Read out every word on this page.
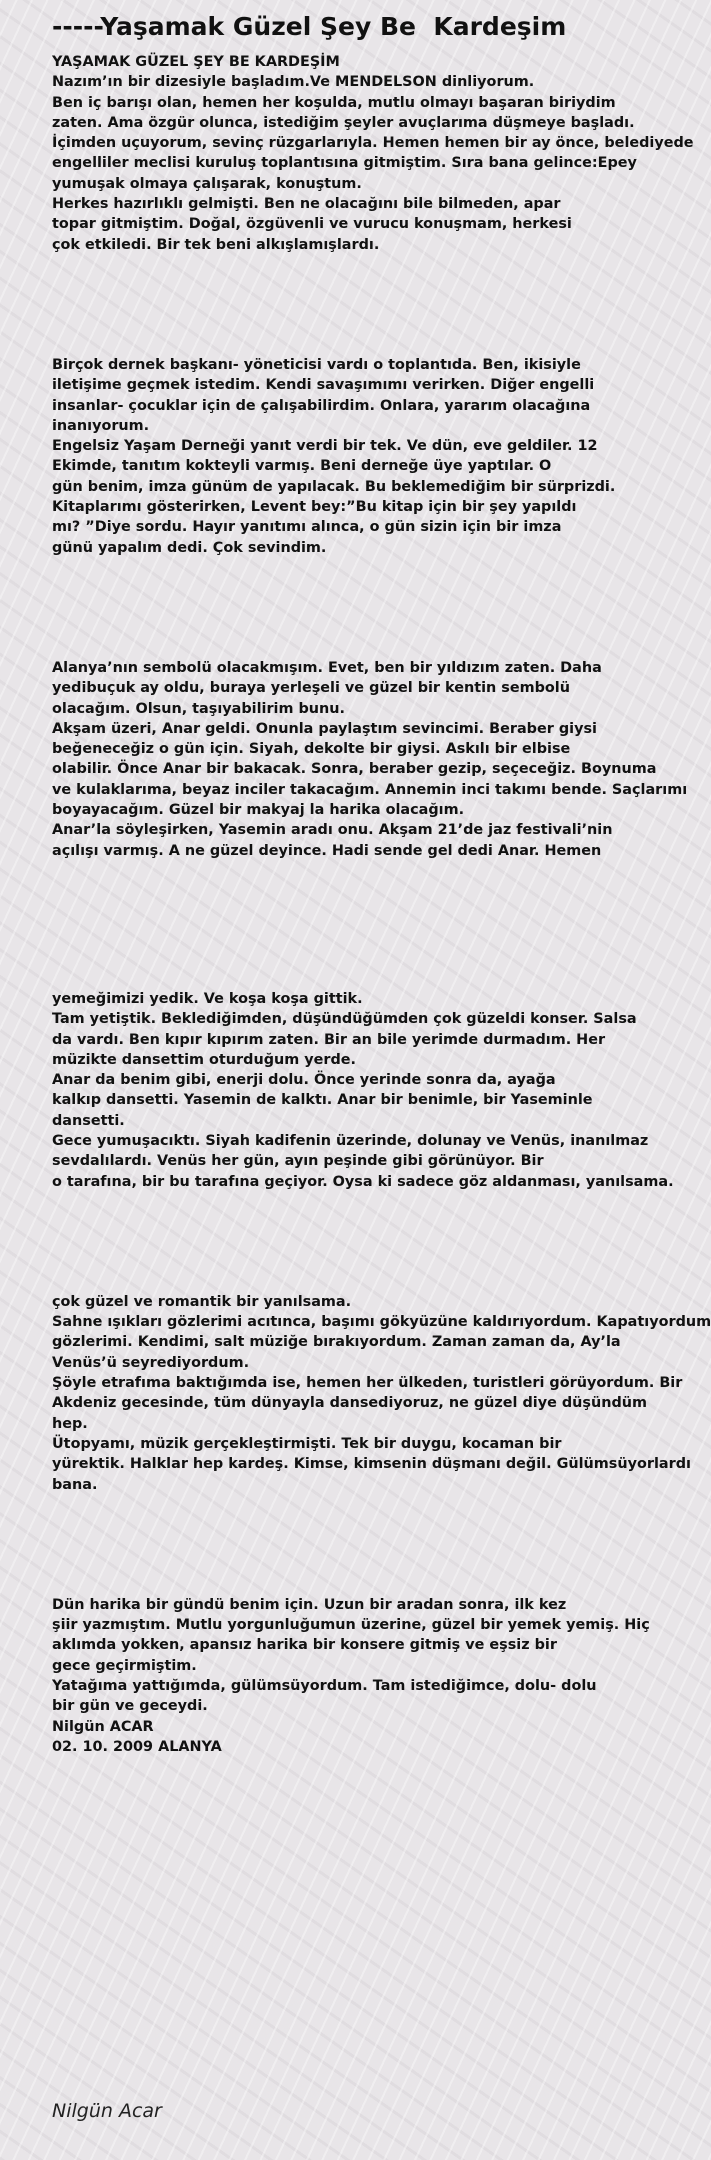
-----Yaşamak Güzel Şey Be  Kardeşim
YAŞAMAK GÜZEL ŞEY BE KARDEŞİM
Nazım’ın bir dizesiyle başladım.Ve MENDELSON dinliyorum.
Ben iç barışı olan, hemen her koşulda, mutlu olmayı başaran biriydim
zaten. Ama özgür olunca, istediğim şeyler avuçlarıma düşmeye başladı.
İçimden uçuyorum, sevinç rüzgarlarıyla. Hemen hemen bir ay önce, belediyede
engelliler meclisi kuruluş toplantısına gitmiştim. Sıra bana gelince:Epey
yumuşak olmaya çalışarak, konuştum.
Herkes hazırlıklı gelmişti. Ben ne olacağını bile bilmeden, apar
topar gitmiştim. Doğal, özgüvenli ve vurucu konuşmam, herkesi
çok etkiledi. Bir tek beni alkışlamışlardı.
Birçok dernek başkanı- yöneticisi vardı o toplantıda. Ben, ikisiyle
iletişime geçmek istedim. Kendi savaşımımı verirken. Diğer engelli
insanlar- çocuklar için de çalışabilirdim. Onlara, yararım olacağına
inanıyorum.
Engelsiz Yaşam Derneği yanıt verdi bir tek. Ve dün, eve geldiler. 12
Ekimde, tanıtım kokteyli varmış. Beni derneğe üye yaptılar. O
gün benim, imza günüm de yapılacak. Bu beklemediğim bir sürprizdi.
Kitaplarımı gösterirken, Levent bey:”Bu kitap için bir şey yapıldı
mı? ”Diye sordu. Hayır yanıtımı alınca, o gün sizin için bir imza
günü yapalım dedi. Çok sevindim.
Alanya’nın sembolü olacakmışım. Evet, ben bir yıldızım zaten. Daha
yedibuçuk ay oldu, buraya yerleşeli ve güzel bir kentin sembolü
olacağım. Olsun, taşıyabilirim bunu.
Akşam üzeri, Anar geldi. Onunla paylaştım sevincimi. Beraber giysi
beğeneceğiz o gün için. Siyah, dekolte bir giysi. Askılı bir elbise
olabilir. Önce Anar bir bakacak. Sonra, beraber gezip, seçeceğiz. Boynuma
ve kulaklarıma, beyaz inciler takacağım. Annemin inci takımı bende. Saçlarımı
boyayacağım. Güzel bir makyaj la harika olacağım.
Anar’la söyleşirken, Yasemin aradı onu. Akşam 21’de jaz festivali’nin
açılışı varmış. A ne güzel deyince. Hadi sende gel dedi Anar. Hemen
yemeğimizi yedik. Ve koşa koşa gittik.
Tam yetiştik. Beklediğimden, düşündüğümden çok güzeldi konser. Salsa
da vardı. Ben kıpır kıpırım zaten. Bir an bile yerimde durmadım. Her
müzikte dansettim oturduğum yerde.
Anar da benim gibi, enerji dolu. Önce yerinde sonra da, ayağa
kalkıp dansetti. Yasemin de kalktı. Anar bir benimle, bir Yaseminle
dansetti.
Gece yumuşacıktı. Siyah kadifenin üzerinde, dolunay ve Venüs, inanılmaz
sevdalılardı. Venüs her gün, ayın peşinde gibi görünüyor. Bir
o tarafına, bir bu tarafına geçiyor. Oysa ki sadece göz aldanması, yanılsama.
çok güzel ve romantik bir yanılsama.
Sahne ışıkları gözlerimi acıtınca, başımı gökyüzüne kaldırıyordum. Kapatıyordum
gözlerimi. Kendimi, salt müziğe bırakıyordum. Zaman zaman da, Ay’la
Venüs’ü seyrediyordum.
Şöyle etrafıma baktığımda ise, hemen her ülkeden, turistleri görüyordum. Bir
Akdeniz gecesinde, tüm dünyayla dansediyoruz, ne güzel diye düşündüm
hep.
Ütopyamı, müzik gerçekleştirmişti. Tek bir duygu, kocaman bir
yürektik. Halklar hep kardeş. Kimse, kimsenin düşmanı değil. Gülümsüyorlardı
bana.
Dün harika bir gündü benim için. Uzun bir aradan sonra, ilk kez
şiir yazmıştım. Mutlu yorgunluğumun üzerine, güzel bir yemek yemiş. Hiç
aklımda yokken, apansız harika bir konsere gitmiş ve eşsiz bir
gece geçirmiştim.
Yatağıma yattığımda, gülümsüyordum. Tam istediğimce, dolu- dolu
bir gün ve geceydi.
Nilgün ACAR
02. 10. 2009 ALANYA
Nilgün Acar
